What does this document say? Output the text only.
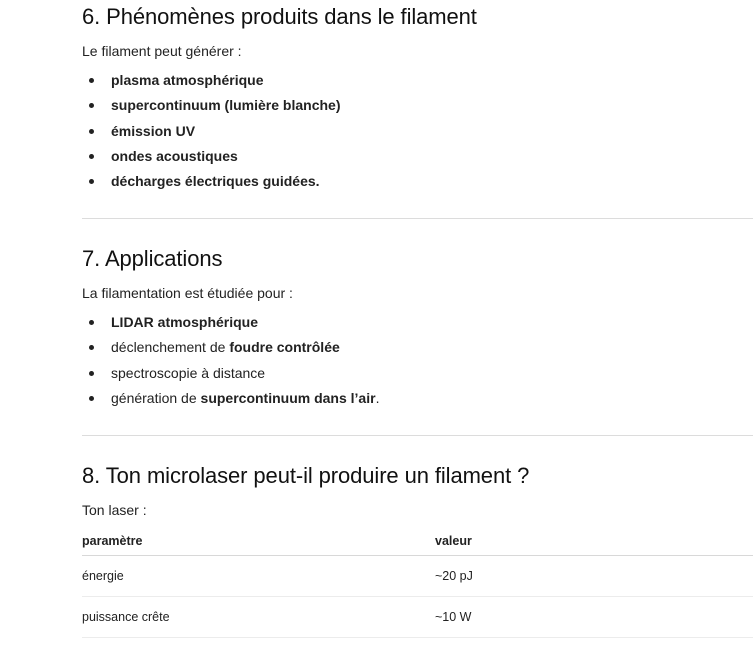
6. Phénomènes produits dans le filament

Le filament peut générer :

plasma atmosphérique
supercontinuum (lumière blanche)
émission UV
ondes acoustiques
décharges électriques guidées.
7. Applications

La filamentation est étudiée pour :

LIDAR atmosphérique
déclenchement de foudre contrôlée
spectroscopie à distance
génération de supercontinuum dans l’air.
8. Ton microlaser peut-il produire un filament ?

Ton laser :

paramètre	valeur
énergie	~20 pJ
puissance crête	~10 W
